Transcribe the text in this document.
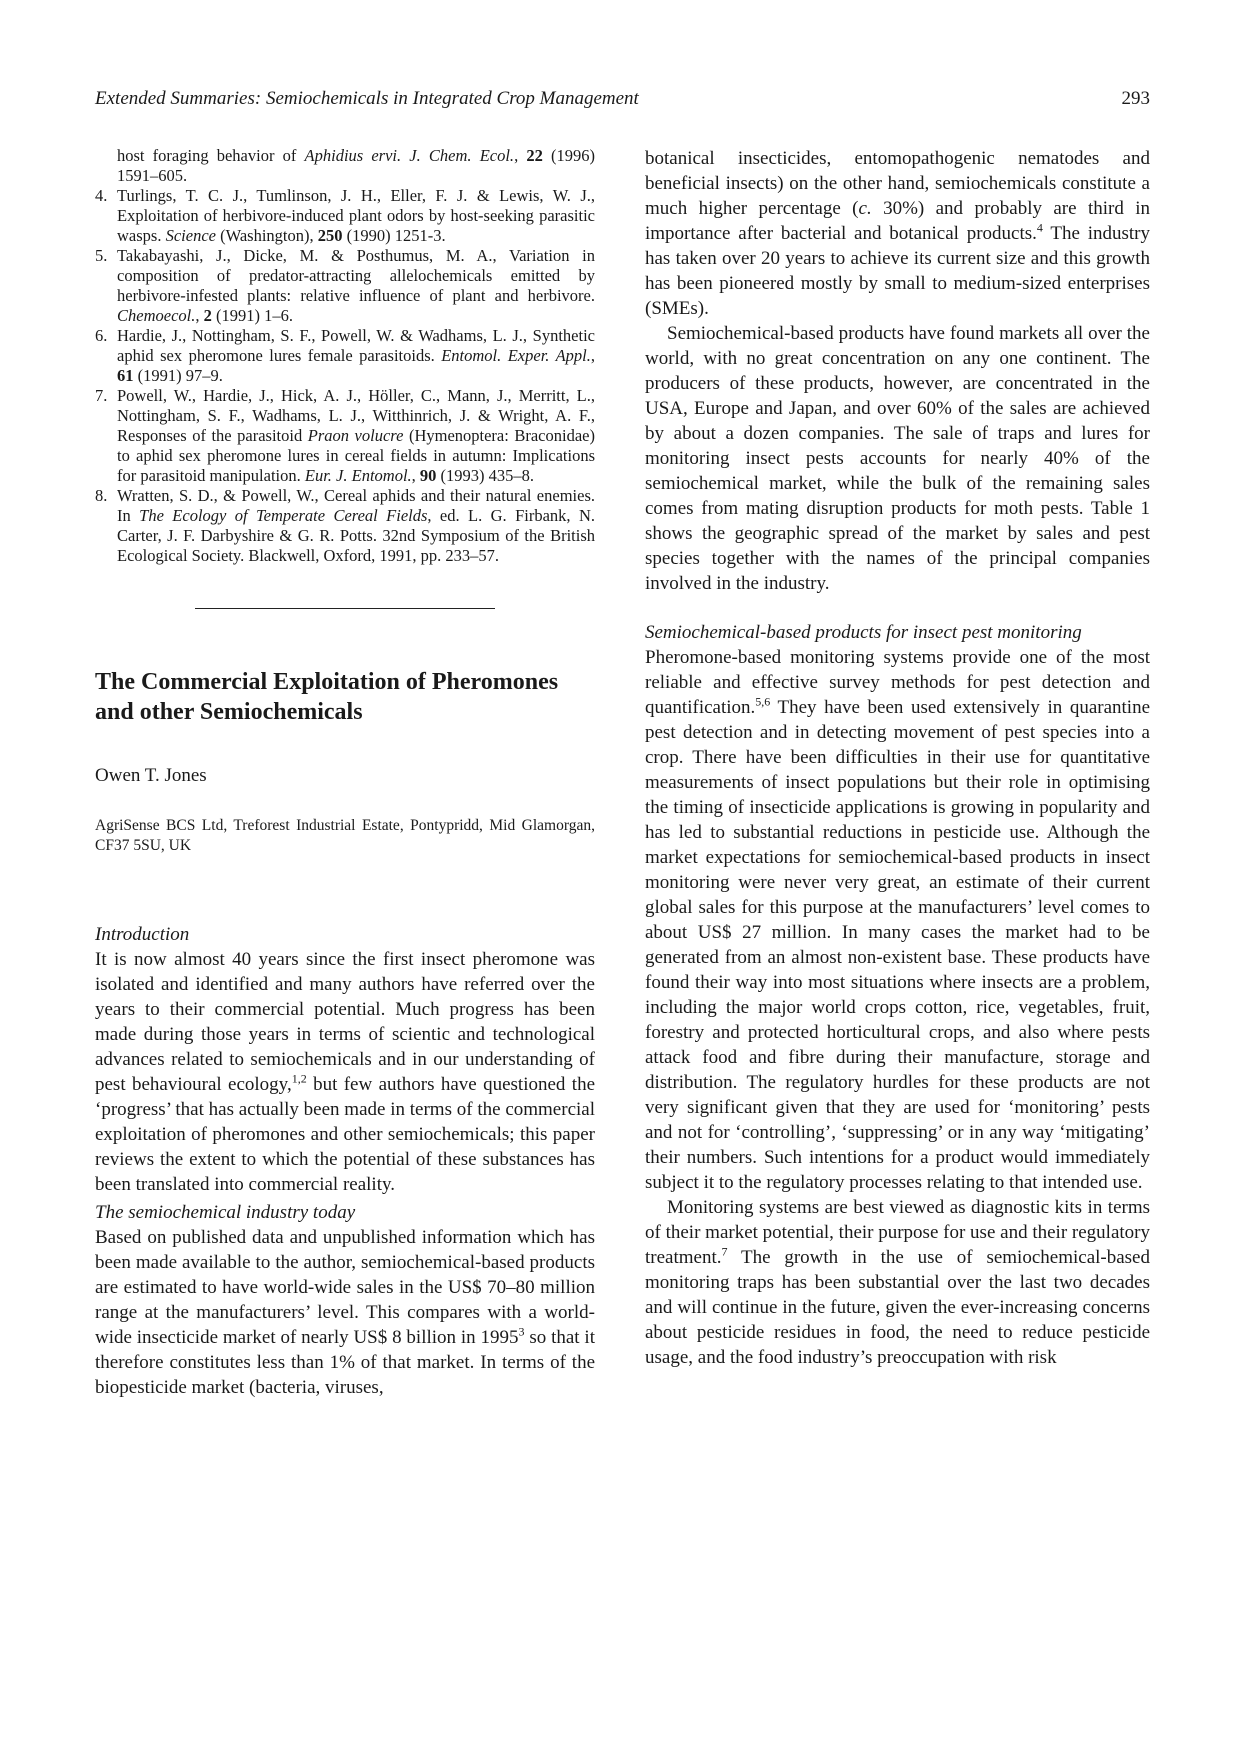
Extended Summaries: Semiochemicals in Integrated Crop Management	293
host foraging behavior of Aphidius ervi. J. Chem. Ecol., 22 (1996) 1591–605.
4. Turlings, T. C. J., Tumlinson, J. H., Eller, F. J. & Lewis, W. J., Exploitation of herbivore-induced plant odors by host-seeking parasitic wasps. Science (Washington), 250 (1990) 1251-3.
5. Takabayashi, J., Dicke, M. & Posthumus, M. A., Variation in composition of predator-attracting allelochemicals emitted by herbivore-infested plants: relative influence of plant and herbivore. Chemoecol., 2 (1991) 1–6.
6. Hardie, J., Nottingham, S. F., Powell, W. & Wadhams, L. J., Synthetic aphid sex pheromone lures female parasitoids. Entomol. Exper. Appl., 61 (1991) 97–9.
7. Powell, W., Hardie, J., Hick, A. J., Höller, C., Mann, J., Merritt, L., Nottingham, S. F., Wadhams, L. J., Witthinrich, J. & Wright, A. F., Responses of the parasitoid Praon volucre (Hymenoptera: Braconidae) to aphid sex pheromone lures in cereal fields in autumn: Implications for parasitoid manipulation. Eur. J. Entomol., 90 (1993) 435–8.
8. Wratten, S. D., & Powell, W., Cereal aphids and their natural enemies. In The Ecology of Temperate Cereal Fields, ed. L. G. Firbank, N. Carter, J. F. Darbyshire & G. R. Potts. 32nd Symposium of the British Ecological Society. Blackwell, Oxford, 1991, pp. 233–57.
The Commercial Exploitation of Pheromones and other Semiochemicals
Owen T. Jones
AgriSense BCS Ltd, Treforest Industrial Estate, Pontypridd, Mid Glamorgan, CF37 5SU, UK
Introduction

It is now almost 40 years since the first insect pheromone was isolated and identified and many authors have referred over the years to their commercial potential. Much progress has been made during those years in terms of scientic and technological advances related to semiochemicals and in our understanding of pest behavioural ecology,$^{1,2}$ but few authors have questioned the ‘progress’ that has actually been made in terms of the commercial exploitation of pheromones and other semiochemicals; this paper reviews the extent to which the potential of these substances has been translated into commercial reality.

The semiochemical industry today

Based on published data and unpublished information which has been made available to the author, semiochemical-based products are estimated to have world-wide sales in the US$ 70–80 million range at the manufacturers’ level. This compares with a world-wide insecticide market of nearly US$ 8 billion in 1995$^3$ so that it therefore constitutes less than 1% of that market. In terms of the biopesticide market (bacteria, viruses,

botanical insecticides, entomopathogenic nematodes and beneficial insects) on the other hand, semiochemicals constitute a much higher percentage (c. 30%) and probably are third in importance after bacterial and botanical products.$^4$ The industry has taken over 20 years to achieve its current size and this growth has been pioneered mostly by small to medium-sized enterprises (SMEs).

Semiochemical-based products have found markets all over the world, with no great concentration on any one continent. The producers of these products, however, are concentrated in the USA, Europe and Japan, and over 60% of the sales are achieved by about a dozen companies. The sale of traps and lures for monitoring insect pests accounts for nearly 40% of the semiochemical market, while the bulk of the remaining sales comes from mating disruption products for moth pests. Table 1 shows the geographic spread of the market by sales and pest species together with the names of the principal companies involved in the industry.

Semiochemical-based products for insect pest monitoring

Pheromone-based monitoring systems provide one of the most reliable and effective survey methods for pest detection and quantification.$^{5,6}$ They have been used extensively in quarantine pest detection and in detecting movement of pest species into a crop. There have been difficulties in their use for quantitative measurements of insect populations but their role in optimising the timing of insecticide applications is growing in popularity and has led to substantial reductions in pesticide use. Although the market expectations for semiochemical-based products in insect monitoring were never very great, an estimate of their current global sales for this purpose at the manufacturers’ level comes to about US$ 27 million. In many cases the market had to be generated from an almost non-existent base. These products have found their way into most situations where insects are a problem, including the major world crops cotton, rice, vegetables, fruit, forestry and protected horticultural crops, and also where pests attack food and fibre during their manufacture, storage and distribution. The regulatory hurdles for these products are not very significant given that they are used for ‘monitoring’ pests and not for ‘controlling’, ‘suppressing’ or in any way ‘mitigating’ their numbers. Such intentions for a product would immediately subject it to the regulatory processes relating to that intended use.

Monitoring systems are best viewed as diagnostic kits in terms of their market potential, their purpose for use and their regulatory treatment.$^7$ The growth in the use of semiochemical-based monitoring traps has been substantial over the last two decades and will continue in the future, given the ever-increasing concerns about pesticide residues in food, the need to reduce pesticide usage, and the food industry’s preoccupation with risk
